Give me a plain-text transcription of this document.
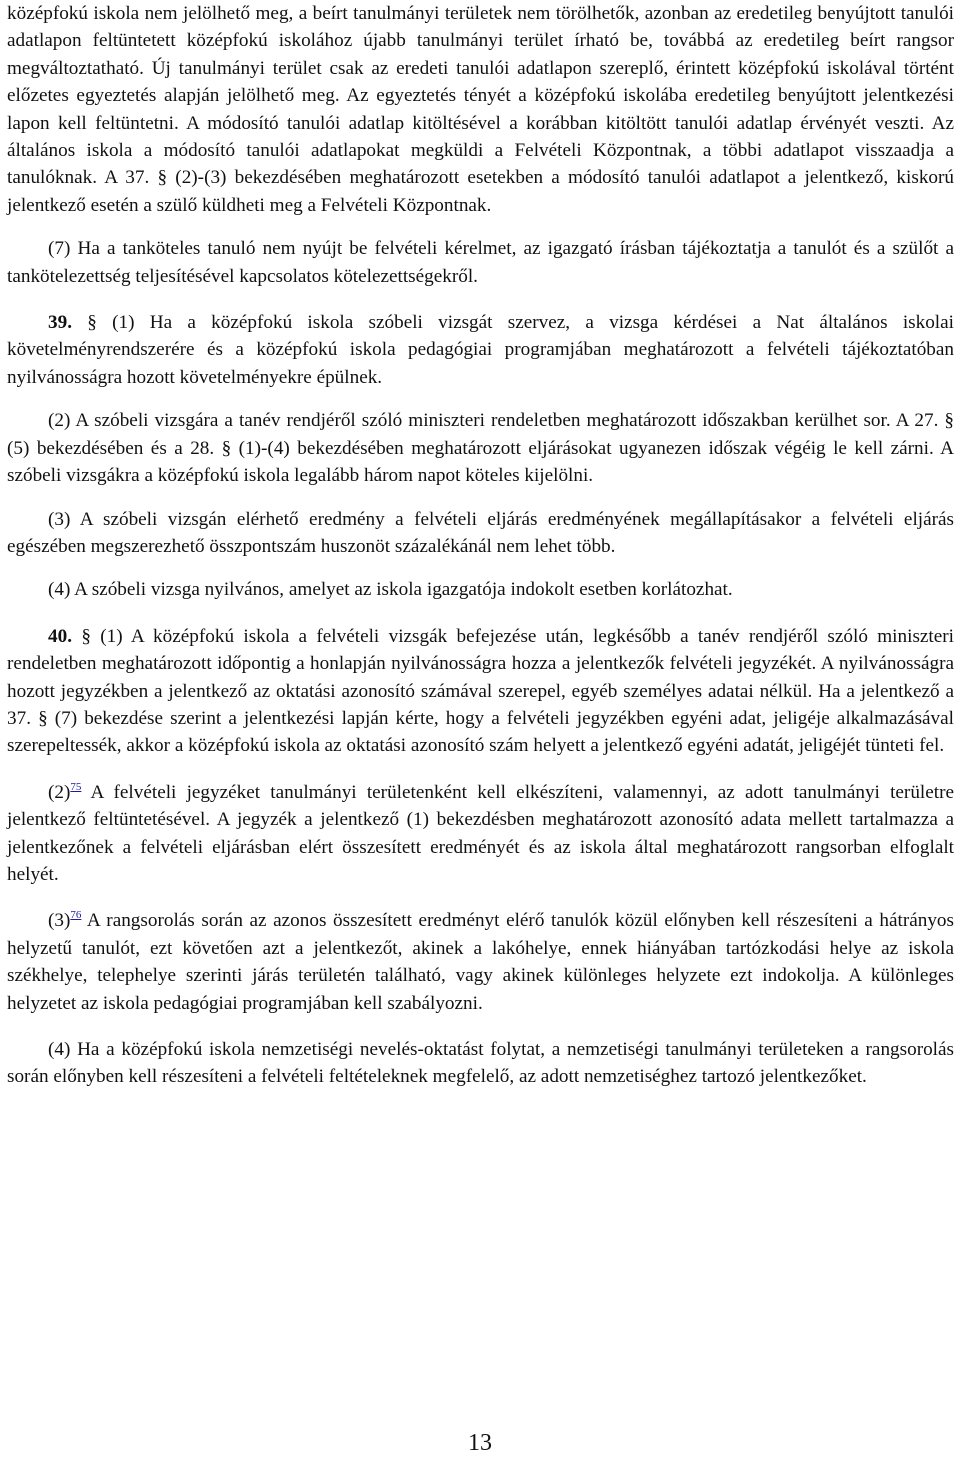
középfokú iskola nem jelölhető meg, a beírt tanulmányi területek nem törölhetők, azonban az eredetileg benyújtott tanulói adatlapon feltüntetett középfokú iskolához újabb tanulmányi terület írható be, továbbá az eredetileg beírt rangsor megváltoztatható. Új tanulmányi terület csak az eredeti tanulói adatlapon szereplő, érintett középfokú iskolával történt előzetes egyeztetés alapján jelölhető meg. Az egyeztetés tényét a középfokú iskolába eredetileg benyújtott jelentkezési lapon kell feltüntetni. A módosító tanulói adatlap kitöltésével a korábban kitöltött tanulói adatlap érvényét veszti. Az általános iskola a módosító tanulói adatlapokat megküldi a Felvételi Központnak, a többi adatlapot visszaadja a tanulóknak. A 37. § (2)-(3) bekezdésében meghatározott esetekben a módosító tanulói adatlapot a jelentkező, kiskorú jelentkező esetén a szülő küldheti meg a Felvételi Központnak.

(7) Ha a tanköteles tanuló nem nyújt be felvételi kérelmet, az igazgató írásban tájékoztatja a tanulót és a szülőt a tankötelezettség teljesítésével kapcsolatos kötelezettségekről.

39. § (1) Ha a középfokú iskola szóbeli vizsgát szervez, a vizsga kérdései a Nat általános iskolai követelményrendszerére és a középfokú iskola pedagógiai programjában meghatározott a felvételi tájékoztatóban nyilvánosságra hozott követelményekre épülnek.

(2) A szóbeli vizsgára a tanév rendjéről szóló miniszteri rendeletben meghatározott időszakban kerülhet sor. A 27. § (5) bekezdésében és a 28. § (1)-(4) bekezdésében meghatározott eljárásokat ugyanezen időszak végéig le kell zárni. A szóbeli vizsgákra a középfokú iskola legalább három napot köteles kijelölni.

(3) A szóbeli vizsgán elérhető eredmény a felvételi eljárás eredményének megállapításakor a felvételi eljárás egészében megszerezhető összpontszám huszonöt százalékánál nem lehet több.

(4) A szóbeli vizsga nyilvános, amelyet az iskola igazgatója indokolt esetben korlátozhat.

40. § (1) A középfokú iskola a felvételi vizsgák befejezése után, legkésőbb a tanév rendjéről szóló miniszteri rendeletben meghatározott időpontig a honlapján nyilvánosságra hozza a jelentkezők felvételi jegyzékét. A nyilvánosságra hozott jegyzékben a jelentkező az oktatási azonosító számával szerepel, egyéb személyes adatai nélkül. Ha a jelentkező a 37. § (7) bekezdése szerint a jelentkezési lapján kérte, hogy a felvételi jegyzékben egyéni adat, jeligéje alkalmazásával szerepeltessék, akkor a középfokú iskola az oktatási azonosító szám helyett a jelentkező egyéni adatát, jeligéjét tünteti fel.

(2)$^{75}$ A felvételi jegyzéket tanulmányi területenként kell elkészíteni, valamennyi, az adott tanulmányi területre jelentkező feltüntetésével. A jegyzék a jelentkező (1) bekezdésben meghatározott azonosító adata mellett tartalmazza a jelentkezőnek a felvételi eljárásban elért összesített eredményét és az iskola által meghatározott rangsorban elfoglalt helyét.

(3)$^{76}$ A rangsorolás során az azonos összesített eredményt elérő tanulók közül előnyben kell részesíteni a hátrányos helyzetű tanulót, ezt követően azt a jelentkezőt, akinek a lakóhelye, ennek hiányában tartózkodási helye az iskola székhelye, telephelye szerinti járás területén található, vagy akinek különleges helyzete ezt indokolja. A különleges helyzetet az iskola pedagógiai programjában kell szabályozni.

(4) Ha a középfokú iskola nemzetiségi nevelés-oktatást folytat, a nemzetiségi tanulmányi területeken a rangsorolás során előnyben kell részesíteni a felvételi feltételeknek megfelelő, az adott nemzetiséghez tartozó jelentkezőket.

13
